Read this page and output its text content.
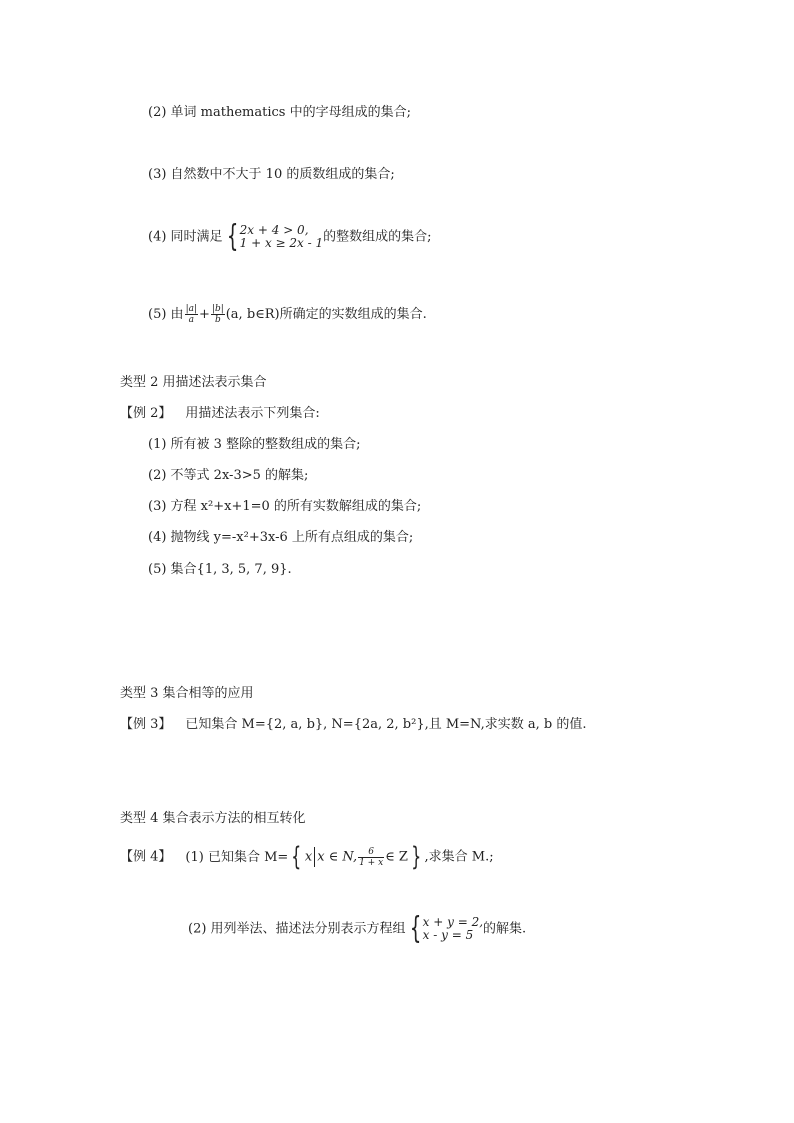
(2) 单词 mathematics 中的字母组成的集合;
(3) 自然数中不大于 10 的质数组成的集合;
(4) 同时满足 { 2x + 4 > 0,
1 + x ≥ 2x - 1 的整数组成的集合;
(5) 由 $\frac{|a|}{a} + \frac{|b|}{b} (a$, b∈R)所确定的实数组成的集合.
类型 2 用描述法表示集合
【例 2】 用描述法表示下列集合:
(1) 所有被 3 整除的整数组成的集合;
(2) 不等式 2x-3>5 的解集;
(3) 方程 x²+x+1=0 的所有实数解组成的集合;
(4) 抛物线 y=-x²+3x-6 上所有点组成的集合;
(5) 集合{1, 3, 5, 7, 9}.
类型 3 集合相等的应用
【例 3】 已知集合 M={2, a, b}, N={2a, 2, b²},且 M=N,求实数 a, b 的值.
类型 4 集合表示方法的相互转化
【例 4】 (1) 已知集合 M= { x x ∈ N, $\frac{6}{1 + x}$ ∈ Z } ,求集合 M.;
(2) 用列举法、描述法分别表示方程组 { x + y = 2,
x - y = 5 的解集.
